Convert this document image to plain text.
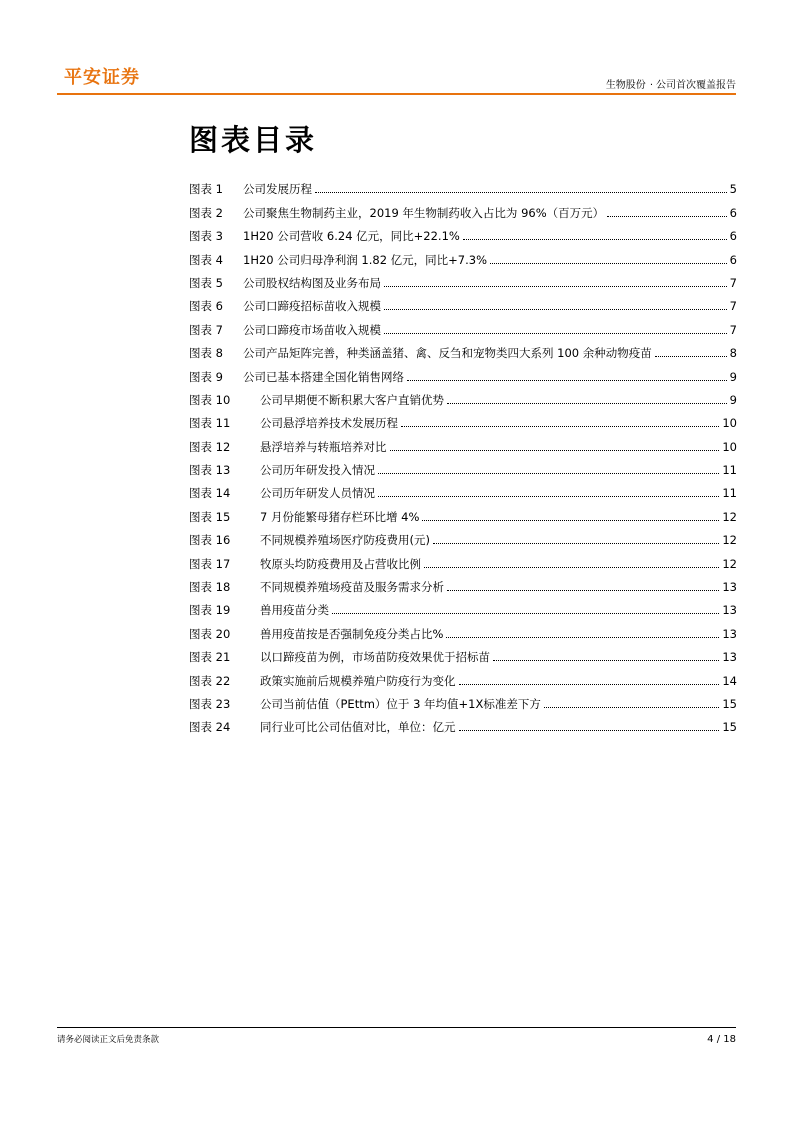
平安证券	生物股份 · 公司首次覆盖报告
图表目录
图表 1	公司发展历程	5
图表 2	公司聚焦生物制药主业，2019 年生物制药收入占比为 96%（百万元）	6
图表 3	1H20 公司营收 6.24 亿元，同比+22.1%	6
图表 4	1H20 公司归母净利润 1.82 亿元，同比+7.3%	6
图表 5	公司股权结构图及业务布局	7
图表 6	公司口蹄疫招标苗收入规模	7
图表 7	公司口蹄疫市场苗收入规模	7
图表 8	公司产品矩阵完善，种类涵盖猪、禽、反刍和宠物类四大系列 100 余种动物疫苗	8
图表 9	公司已基本搭建全国化销售网络	9
图表 10	公司早期便不断积累大客户直销优势	9
图表 11	公司悬浮培养技术发展历程	10
图表 12	悬浮培养与转瓶培养对比	10
图表 13	公司历年研发投入情况	11
图表 14	公司历年研发人员情况	11
图表 15	7 月份能繁母猪存栏环比增 4%	12
图表 16	不同规模养殖场医疗防疫费用(元)	12
图表 17	牧原头均防疫费用及占营收比例	12
图表 18	不同规模养殖场疫苗及服务需求分析	13
图表 19	兽用疫苗分类	13
图表 20	兽用疫苗按是否强制免疫分类占比%	13
图表 21	以口蹄疫苗为例，市场苗防疫效果优于招标苗	13
图表 22	政策实施前后规模养殖户防疫行为变化	14
图表 23	公司当前估值（PEttm）位于 3 年均值+1X标准差下方	15
图表 24	同行业可比公司估值对比，单位：亿元	15
请务必阅读正文后免责条款	4 / 18
